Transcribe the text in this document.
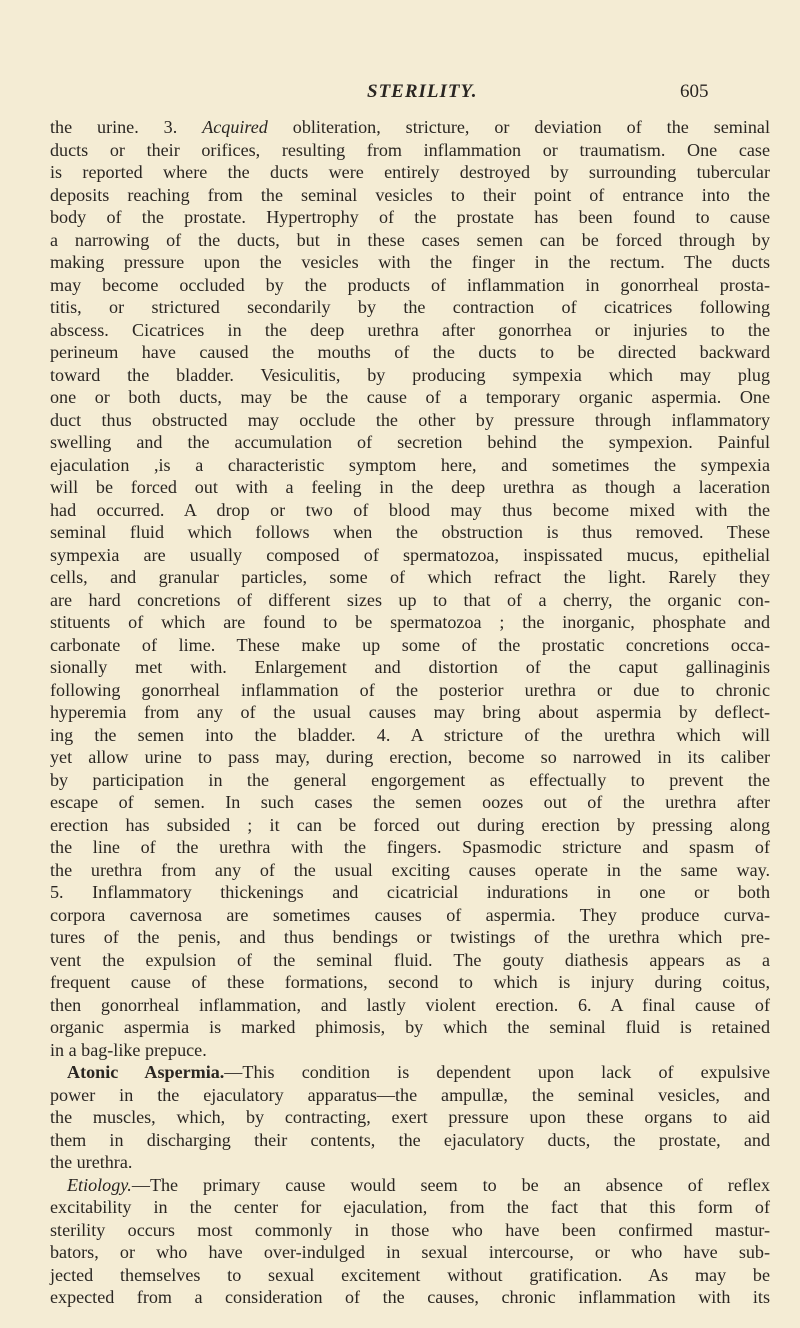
STERILITY.	605
the urine. 3. Acquired obliteration, stricture, or deviation of the seminal
ducts or their orifices, resulting from inflammation or traumatism. One case
is reported where the ducts were entirely destroyed by surrounding tubercular
deposits reaching from the seminal vesicles to their point of entrance into the
body of the prostate. Hypertrophy of the prostate has been found to cause
a narrowing of the ducts, but in these cases semen can be forced through by
making pressure upon the vesicles with the finger in the rectum. The ducts
may become occluded by the products of inflammation in gonorrheal prosta-
titis, or strictured secondarily by the contraction of cicatrices following
abscess. Cicatrices in the deep urethra after gonorrhea or injuries to the
perineum have caused the mouths of the ducts to be directed backward
toward the bladder. Vesiculitis, by producing sympexia which may plug
one or both ducts, may be the cause of a temporary organic aspermia. One
duct thus obstructed may occlude the other by pressure through inflammatory
swelling and the accumulation of secretion behind the sympexion. Painful
ejaculation ,is a characteristic symptom here, and sometimes the sympexia
will be forced out with a feeling in the deep urethra as though a laceration
had occurred. A drop or two of blood may thus become mixed with the
seminal fluid which follows when the obstruction is thus removed. These
sympexia are usually composed of spermatozoa, inspissated mucus, epithelial
cells, and granular particles, some of which refract the light. Rarely they
are hard concretions of different sizes up to that of a cherry, the organic con-
stituents of which are found to be spermatozoa ; the inorganic, phosphate and
carbonate of lime. These make up some of the prostatic concretions occa-
sionally met with. Enlargement and distortion of the caput gallinaginis
following gonorrheal inflammation of the posterior urethra or due to chronic
hyperemia from any of the usual causes may bring about aspermia by deflect-
ing the semen into the bladder. 4. A stricture of the urethra which will
yet allow urine to pass may, during erection, become so narrowed in its caliber
by participation in the general engorgement as effectually to prevent the
escape of semen. In such cases the semen oozes out of the urethra after
erection has subsided ; it can be forced out during erection by pressing along
the line of the urethra with the fingers. Spasmodic stricture and spasm of
the urethra from any of the usual exciting causes operate in the same way.
5. Inflammatory thickenings and cicatricial indurations in one or both
corpora cavernosa are sometimes causes of aspermia. They produce curva-
tures of the penis, and thus bendings or twistings of the urethra which pre-
vent the expulsion of the seminal fluid. The gouty diathesis appears as a
frequent cause of these formations, second to which is injury during coitus,
then gonorrheal inflammation, and lastly violent erection. 6. A final cause of
organic aspermia is marked phimosis, by which the seminal fluid is retained
in a bag-like prepuce.
Atonic Aspermia.—This condition is dependent upon lack of expulsive
power in the ejaculatory apparatus—the ampullæ, the seminal vesicles, and
the muscles, which, by contracting, exert pressure upon these organs to aid
them in discharging their contents, the ejaculatory ducts, the prostate, and
the urethra.
Etiology.—The primary cause would seem to be an absence of reflex
excitability in the center for ejaculation, from the fact that this form of
sterility occurs most commonly in those who have been confirmed mastur-
bators, or who have over-indulged in sexual intercourse, or who have sub-
jected themselves to sexual excitement without gratification. As may be
expected from a consideration of the causes, chronic inflammation with its
